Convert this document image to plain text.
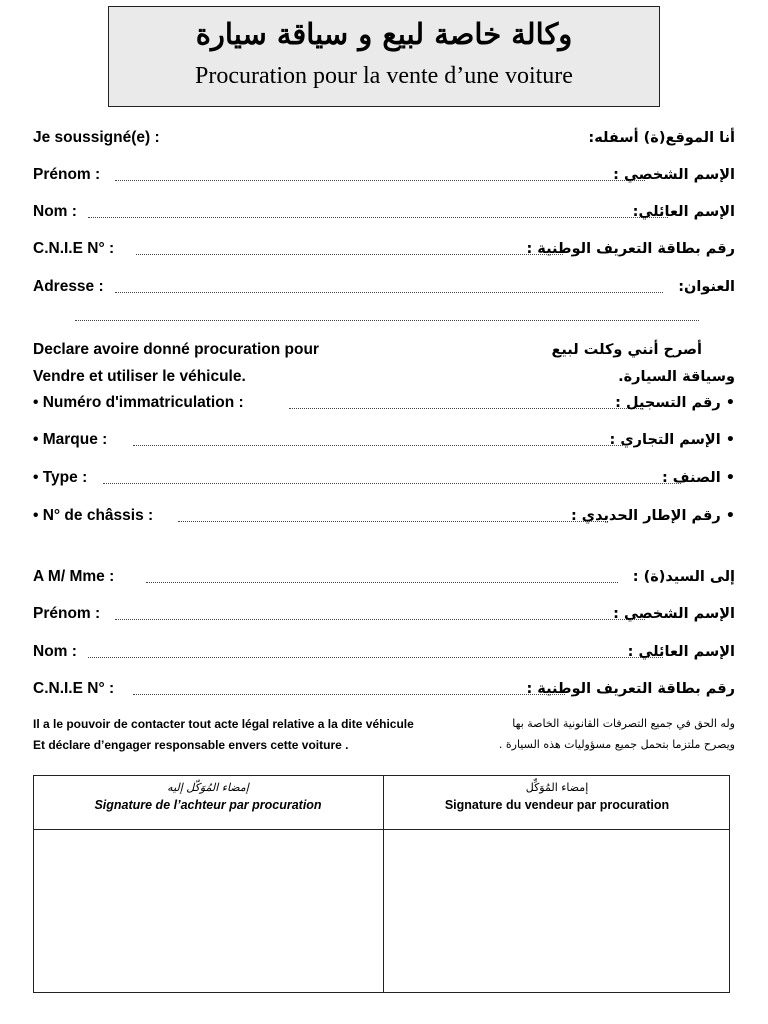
وكالة خاصة لبيع و سياقة سيارة
Procuration pour la vente d’une voiture
Je soussigné(e) :	أنا الموقع(ة) أسفله:
Prénom :	الإسم الشخصي :
Nom :	الإسم العائلي:
C.N.I.E N° :	رقم بطاقة التعريف الوطنية :
Adresse :	العنوان:
Declare avoire donné procuration pour	أصرح أنني وكلت لبيع
Vendre et utiliser le véhicule.	وسياقة السيارة.
• Numéro d'immatriculation :	• رقم التسجيل :
• Marque :	• الإسم التجاري :
• Type :	• الصنف :
• N° de châssis :	• رقم الإطار الحديدي :
A M/ Mme :	إلى السيد(ة) :
Prénom :	الإسم الشخصي :
Nom :	الإسم العائلي :
C.N.I.E N° :	رقم بطاقة التعريف الوطنية :
Il a le pouvoir de contacter tout acte légal relative a la dite véhicule
Et déclare d’engager responsable envers cette voiture .
وله الحق في جميع التصرفات القانونية الخاصة بها
ويصرح ملتزما بتحمل جميع مسؤوليات هذه السيارة .
إمضاء المُوَكّل إليه
Signature de l’achteur par procuration
إمضاء المُوَكِّل
Signature du vendeur par procuration
